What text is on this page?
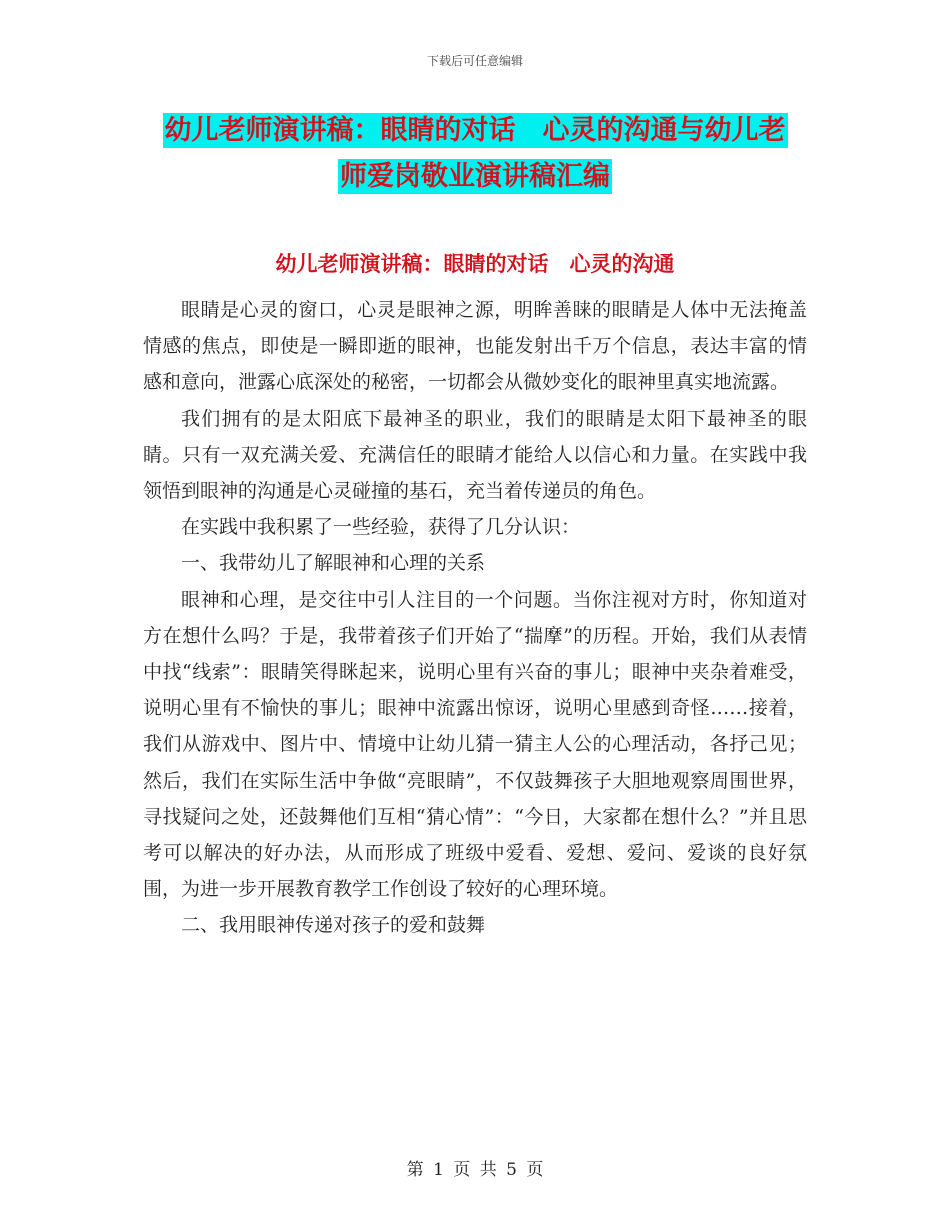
下载后可任意编辑
幼儿老师演讲稿：眼睛的对话　心灵的沟通与幼儿老
师爱岗敬业演讲稿汇编
幼儿老师演讲稿：眼睛的对话　心灵的沟通

眼睛是心灵的窗口，心灵是眼神之源，明眸善睐的眼睛是人体中无法掩盖情感的焦点，即使是一瞬即逝的眼神，也能发射出千万个信息，表达丰富的情感和意向，泄露心底深处的秘密，一切都会从微妙变化的眼神里真实地流露。

我们拥有的是太阳底下最神圣的职业，我们的眼睛是太阳下最神圣的眼睛。只有一双充满关爱、充满信任的眼睛才能给人以信心和力量。在实践中我领悟到眼神的沟通是心灵碰撞的基石，充当着传递员的角色。

在实践中我积累了一些经验，获得了几分认识：

一、我带幼儿了解眼神和心理的关系

眼神和心理，是交往中引人注目的一个问题。当你注视对方时，你知道对方在想什么吗？于是，我带着孩子们开始了“揣摩”的历程。开始，我们从表情中找“线索”：眼睛笑得眯起来，说明心里有兴奋的事儿；眼神中夹杂着难受，说明心里有不愉快的事儿；眼神中流露出惊讶，说明心里感到奇怪……接着，我们从游戏中、图片中、情境中让幼儿猜一猜主人公的心理活动，各抒己见；然后，我们在实际生活中争做“亮眼睛”，不仅鼓舞孩子大胆地观察周围世界，寻找疑问之处，还鼓舞他们互相“猜心情”：“今日，大家都在想什么？”并且思考可以解决的好办法，从而形成了班级中爱看、爱想、爱问、爱谈的良好氛围，为进一步开展教育教学工作创设了较好的心理环境。

二、我用眼神传递对孩子的爱和鼓舞

第 1 页 共 5 页
